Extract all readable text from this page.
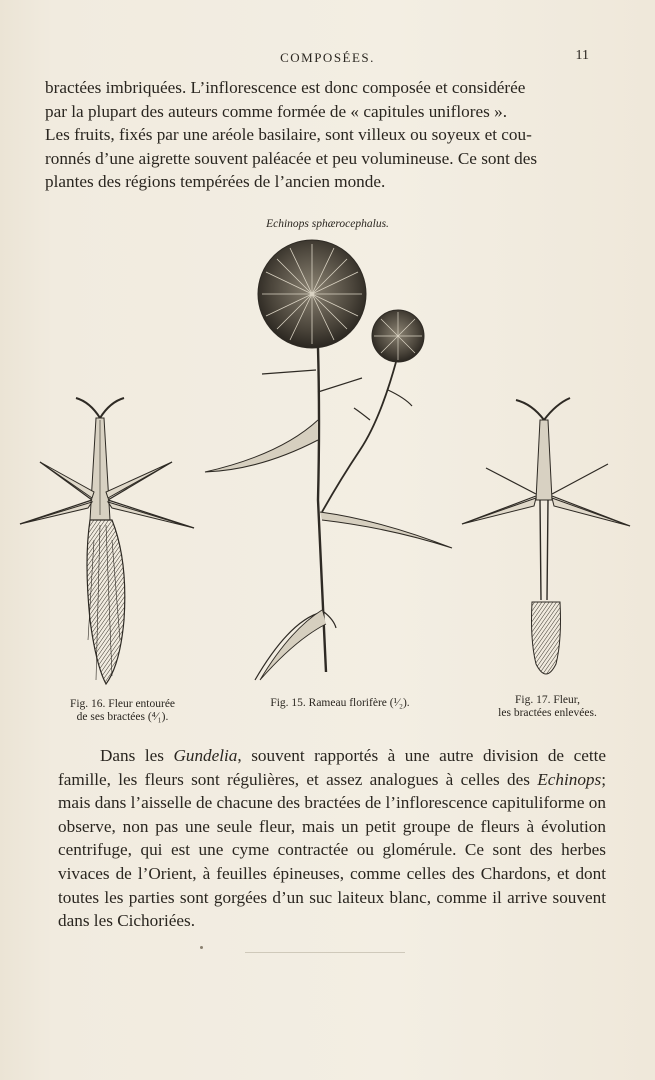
COMPOSÉES.	11

bractées imbriquées. L’inflorescence est donc composée et considérée

par la plupart des auteurs comme formée de « capitules uniflores ».

Les fruits, fixés par une aréole basilaire, sont villeux ou soyeux et cou-

ronnés d’une aigrette souvent paléacée et peu volumineuse. Ce sont des

plantes des régions tempérées de l’ancien monde.

Echinops sphærocephalus.
Fig. 16. Fleur entourée
de ses bractées (⁴⁄₁).
Fig. 15. Rameau florifère (¹⁄₂).	Fig. 17. Fleur,
les bractées enlevées.

Dans les Gundelia, souvent rapportés à une autre division de cette famille, les fleurs sont régulières, et assez analogues à celles des Echinops; mais dans l’aisselle de chacune des bractées de l’inflorescence capituliforme on observe, non pas une seule fleur, mais un petit groupe de fleurs à évolution centrifuge, qui est une cyme contractée ou glomérule. Ce sont des herbes vivaces de l’Orient, à feuilles épineuses, comme celles des Chardons, et dont toutes les parties sont gorgées d’un suc laiteux blanc, comme il arrive souvent dans les Cichoriées.
